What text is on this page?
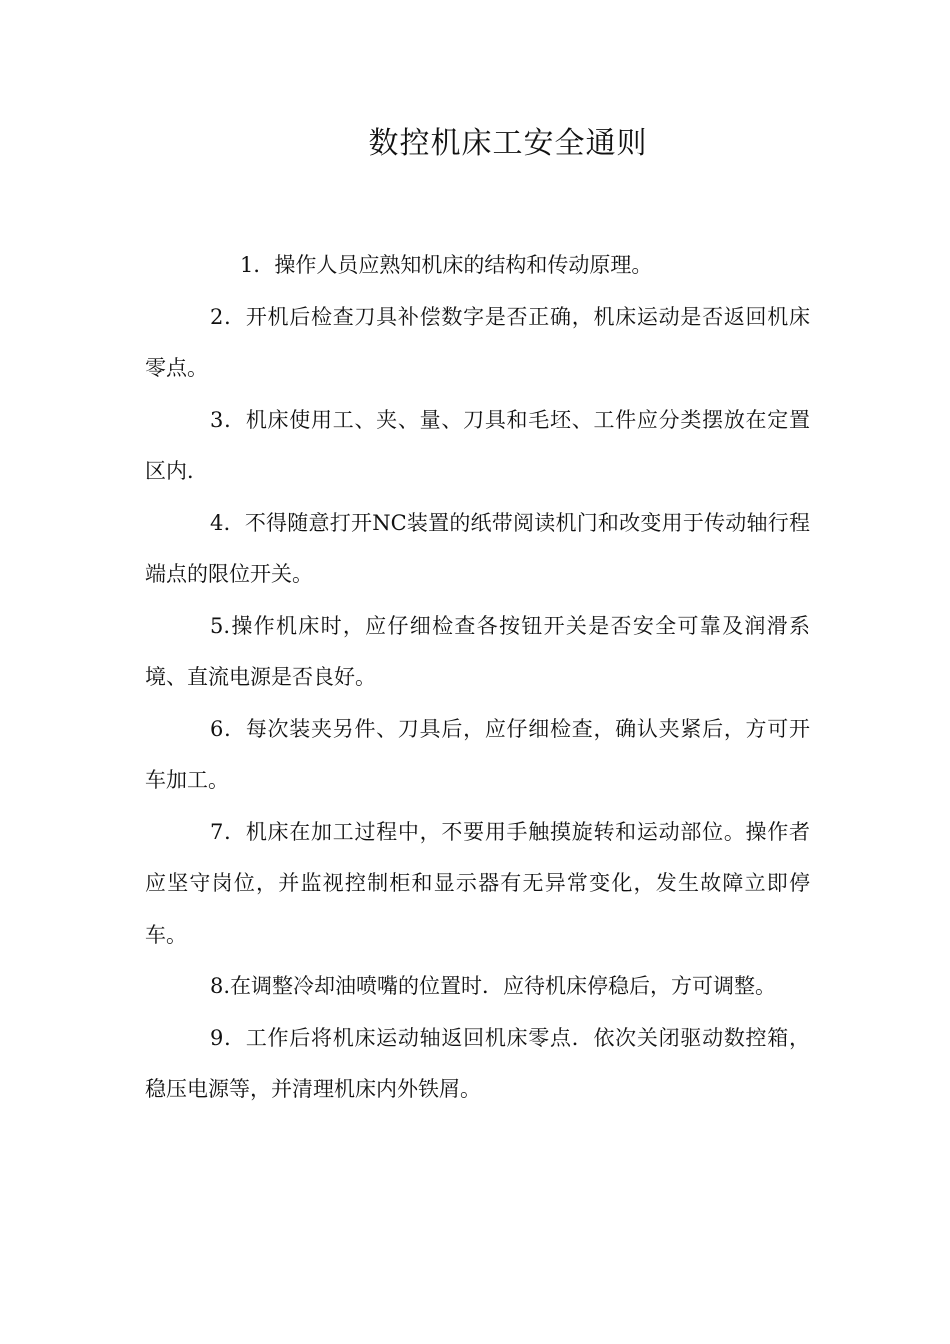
数控机床工安全通则

1．操作人员应熟知机床的结构和传动原理。

2．开机后检查刀具补偿数字是否正确，机床运动是否返回机床零点。

3．机床使用工、夹、量、刀具和毛坯、工件应分类摆放在定置区内．

4．不得随意打开NC装置的纸带阅读机门和改变用于传动轴行程端点的限位开关。

5.操作机床时，应仔细检查各按钮开关是否安全可靠及润滑系境、直流电源是否良好。

6．每次装夹另件、刀具后，应仔细检查，确认夹紧后，方可开车加工。

7．机床在加工过程中，不要用手触摸旋转和运动部位。操作者应坚守岗位，并监视控制柜和显示器有无异常变化，发生故障立即停车。

8.在调整冷却油喷嘴的位置时．应待机床停稳后，方可调整。

9．工作后将机床运动轴返回机床零点．依次关闭驱动数控箱，稳压电源等，并清理机床内外铁屑。
